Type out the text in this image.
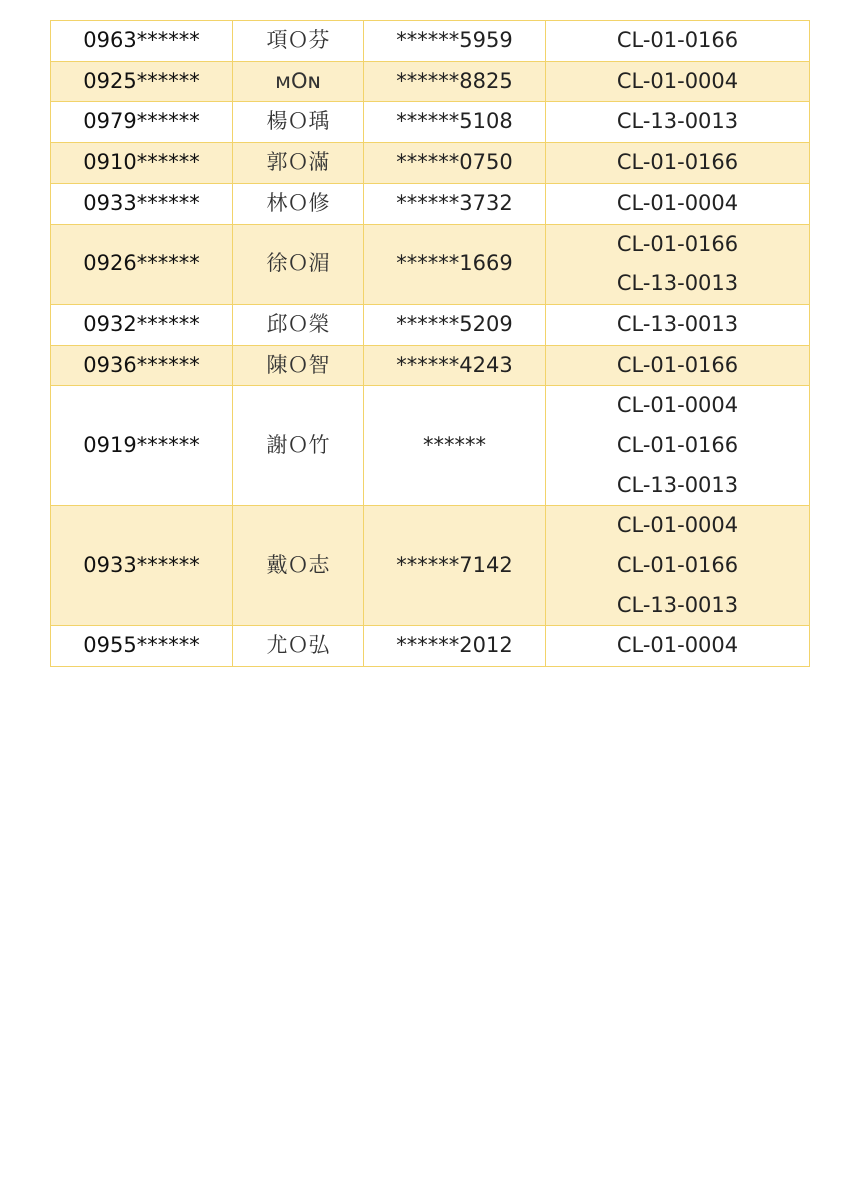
0963******	項Ｏ芬	******5959	CL-01-0166

0925******	ᴍOɴ	******8825	CL-01-0004

0979******	楊Ｏ瑀	******5108	CL-13-0013

0910******	郭Ｏ滿	******0750	CL-01-0166

0933******	林Ｏ修	******3732	CL-01-0004

0926******	徐Ｏ湄	******1669	CL-01-0166
CL-13-0013

0932******	邱Ｏ榮	******5209	CL-13-0013

0936******	陳Ｏ智	******4243	CL-01-0166

0919******	謝Ｏ竹	******	CL-01-0004
CL-01-0166
CL-13-0013

0933******	戴Ｏ志	******7142	CL-01-0004
CL-01-0166
CL-13-0013

0955******	尤Ｏ弘	******2012	CL-01-0004
